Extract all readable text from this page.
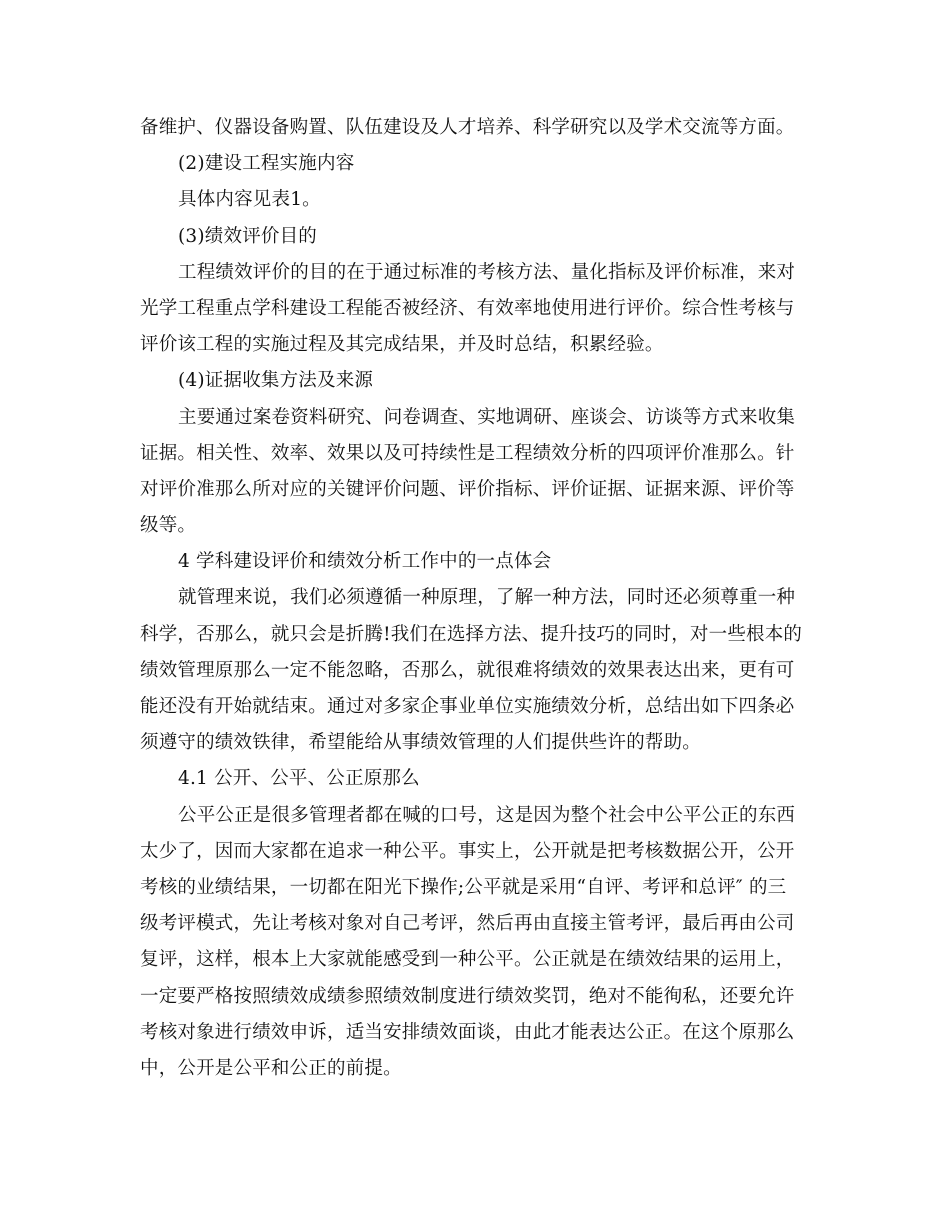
备维护、仪器设备购置、队伍建设及人才培养、科学研究以及学术交流等方面。
(2)建设工程实施内容
具体内容见表1。
(3)绩效评价目的
工程绩效评价的目的在于通过标准的考核方法、量化指标及评价标准，来对
光学工程重点学科建设工程能否被经济、有效率地使用进行评价。综合性考核与
评价该工程的实施过程及其完成结果，并及时总结，积累经验。
(4)证据收集方法及来源
主要通过案卷资料研究、问卷调查、实地调研、座谈会、访谈等方式来收集
证据。相关性、效率、效果以及可持续性是工程绩效分析的四项评价准那么。针
对评价准那么所对应的关键评价问题、评价指标、评价证据、证据来源、评价等
级等。
4 学科建设评价和绩效分析工作中的一点体会
就管理来说，我们必须遵循一种原理，了解一种方法，同时还必须尊重一种
科学，否那么，就只会是折腾!我们在选择方法、提升技巧的同时，对一些根本的
绩效管理原那么一定不能忽略，否那么，就很难将绩效的效果表达出来，更有可
能还没有开始就结束。通过对多家企事业单位实施绩效分析，总结出如下四条必
须遵守的绩效铁律，希望能给从事绩效管理的人们提供些许的帮助。
4.1 公开、公平、公正原那么
公平公正是很多管理者都在喊的口号，这是因为整个社会中公平公正的东西
太少了，因而大家都在追求一种公平。事实上，公开就是把考核数据公开，公开
考核的业绩结果，一切都在阳光下操作;公平就是采用“自评、考评和总评″ 的三
级考评模式，先让考核对象对自己考评，然后再由直接主管考评，最后再由公司
复评，这样，根本上大家就能感受到一种公平。公正就是在绩效结果的运用上，
一定要严格按照绩效成绩参照绩效制度进行绩效奖罚，绝对不能徇私，还要允许
考核对象进行绩效申诉，适当安排绩效面谈，由此才能表达公正。在这个原那么
中，公开是公平和公正的前提。
